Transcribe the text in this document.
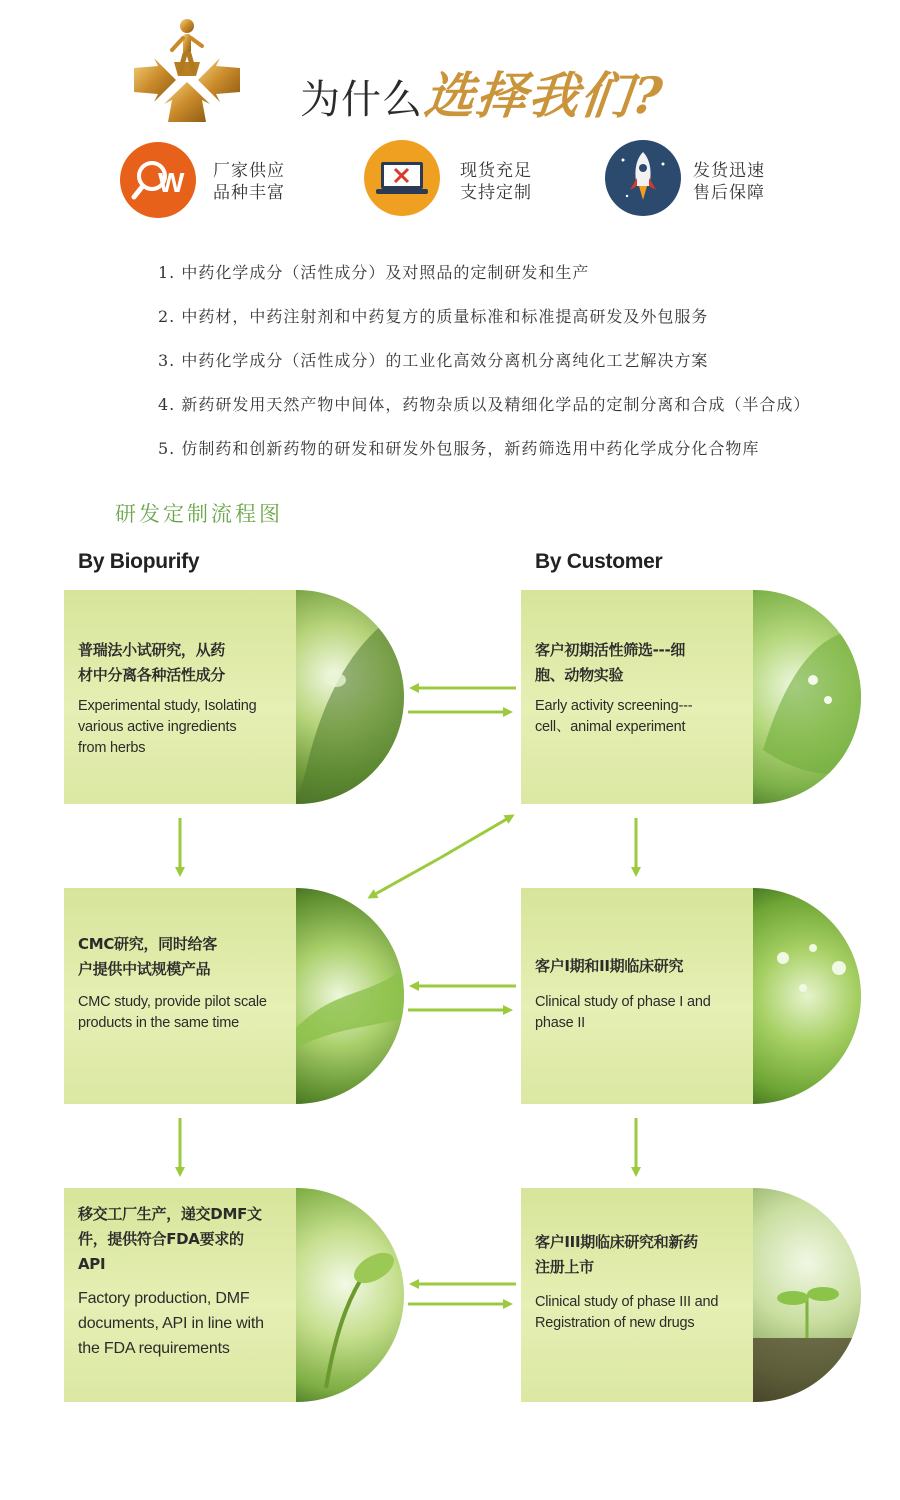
为什么
选择我们?
W 厂家供应
品种丰富
现货充足
支持定制
发货迅速
售后保障
1. 中药化学成分（活性成分）及对照品的定制研发和生产
2. 中药材，中药注射剂和中药复方的质量标准和标准提高研发及外包服务
3. 中药化学成分（活性成分）的工业化高效分离机分离纯化工艺解决方案
4. 新药研发用天然产物中间体，药物杂质以及精细化学品的定制分离和合成（半合成）
5. 仿制药和创新药物的研发和研发外包服务，新药筛选用中药化学成分化合物库
研发定制流程图
By Biopurify	By Customer
普瑞法小试研究，从药
材中分离各种活性成分
Experimental study, Isolating
various active ingredients
from herbs
CMC研究，同时给客
户提供中试规模产品
CMC study, provide pilot scale
products in the same time
移交工厂生产，递交DMF文
件，提供符合FDA要求的
API
Factory production, DMF
documents, API in line with
the FDA requirements
客户初期活性筛选---细
胞、动物实验
Early activity screening---
cell、animal experiment
客户I期和II期临床研究
Clinical study of phase I and
phase II
客户III期临床研究和新药
注册上市
Clinical study of phase III and
Registration of new drugs
